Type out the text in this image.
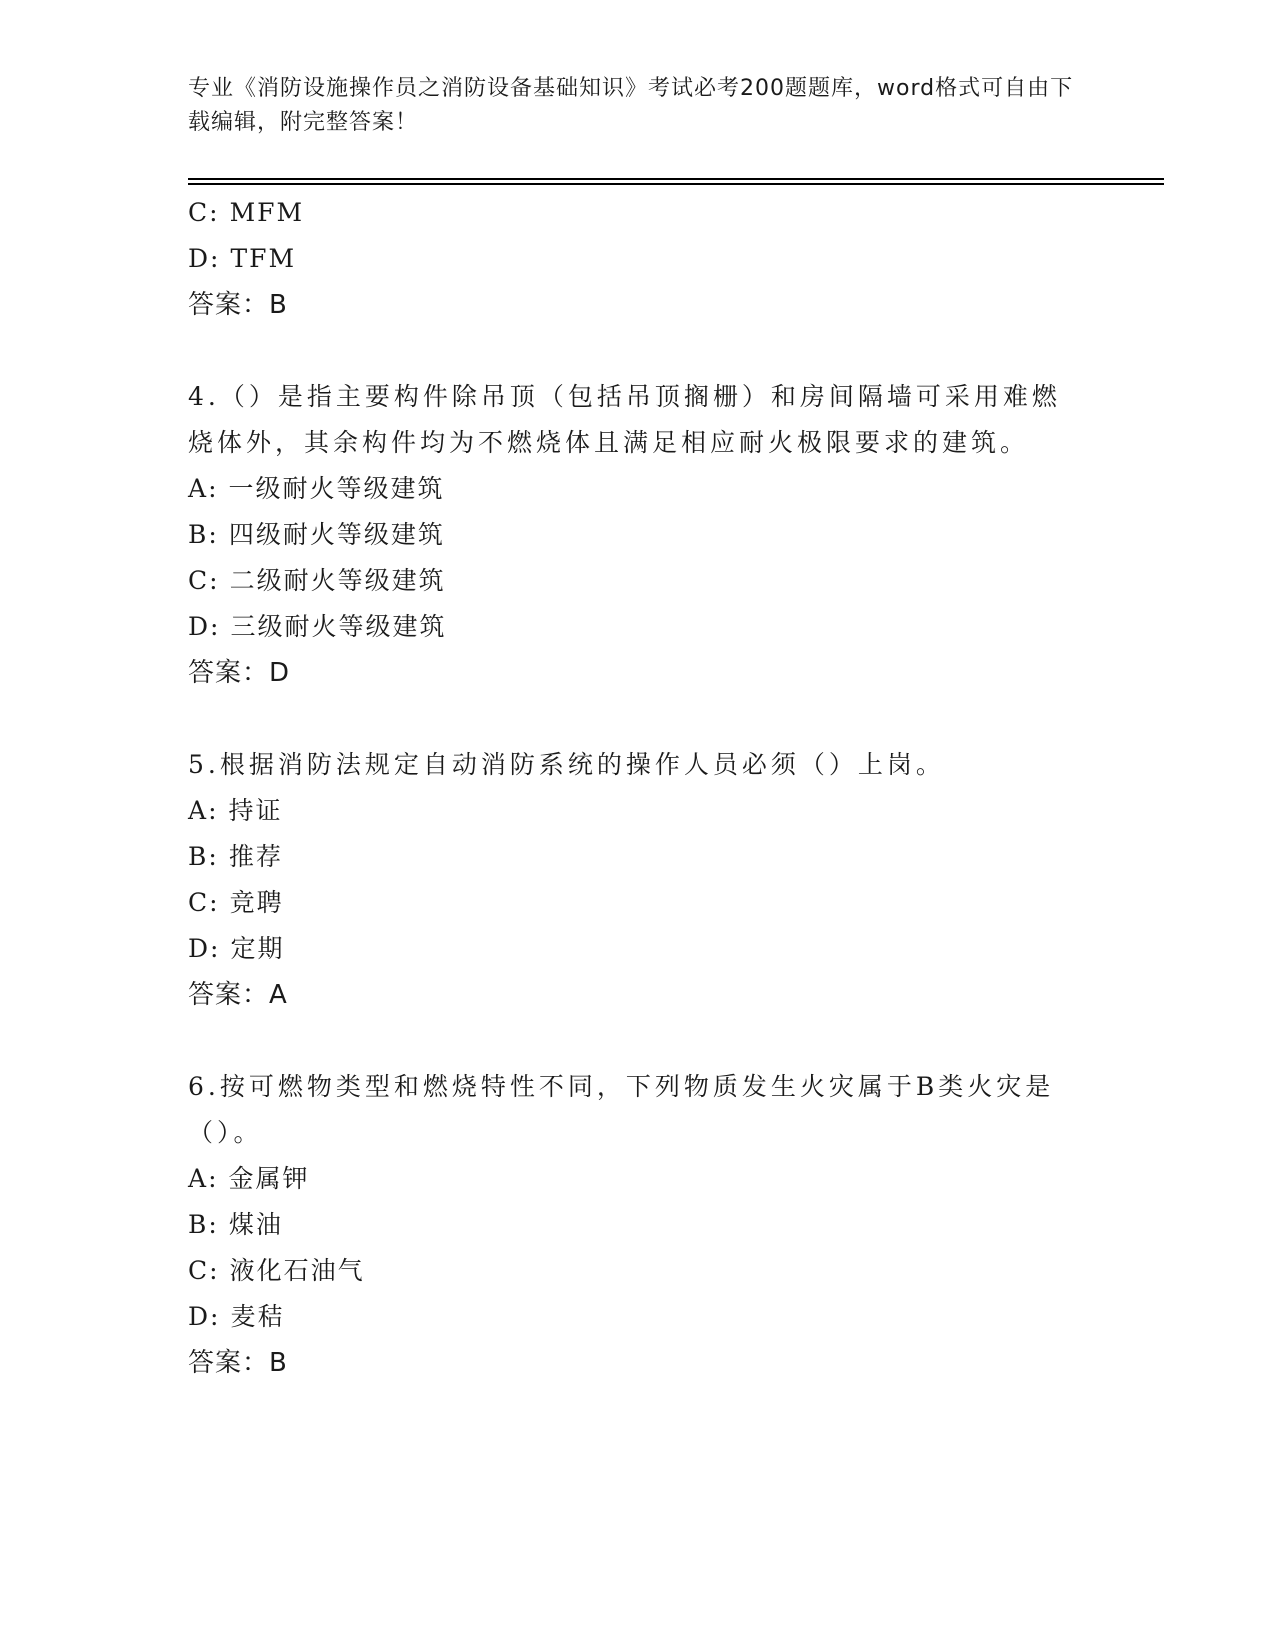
专业《消防设施操作员之消防设备基础知识》考试必考200题题库，word格式可自由下载编辑，附完整答案！
C: MFM
D: TFM
答案：B
4.（）是指主要构件除吊顶（包括吊顶搁栅）和房间隔墙可采用难燃烧体外，其余构件均为不燃烧体且满足相应耐火极限要求的建筑。
A: 一级耐火等级建筑
B: 四级耐火等级建筑
C: 二级耐火等级建筑
D: 三级耐火等级建筑
答案：D
5.根据消防法规定自动消防系统的操作人员必须（）上岗。
A: 持证
B: 推荐
C: 竞聘
D: 定期
答案：A
6.按可燃物类型和燃烧特性不同，下列物质发生火灾属于B类火灾是（）。
A: 金属钾
B: 煤油
C: 液化石油气
D: 麦秸
答案：B
